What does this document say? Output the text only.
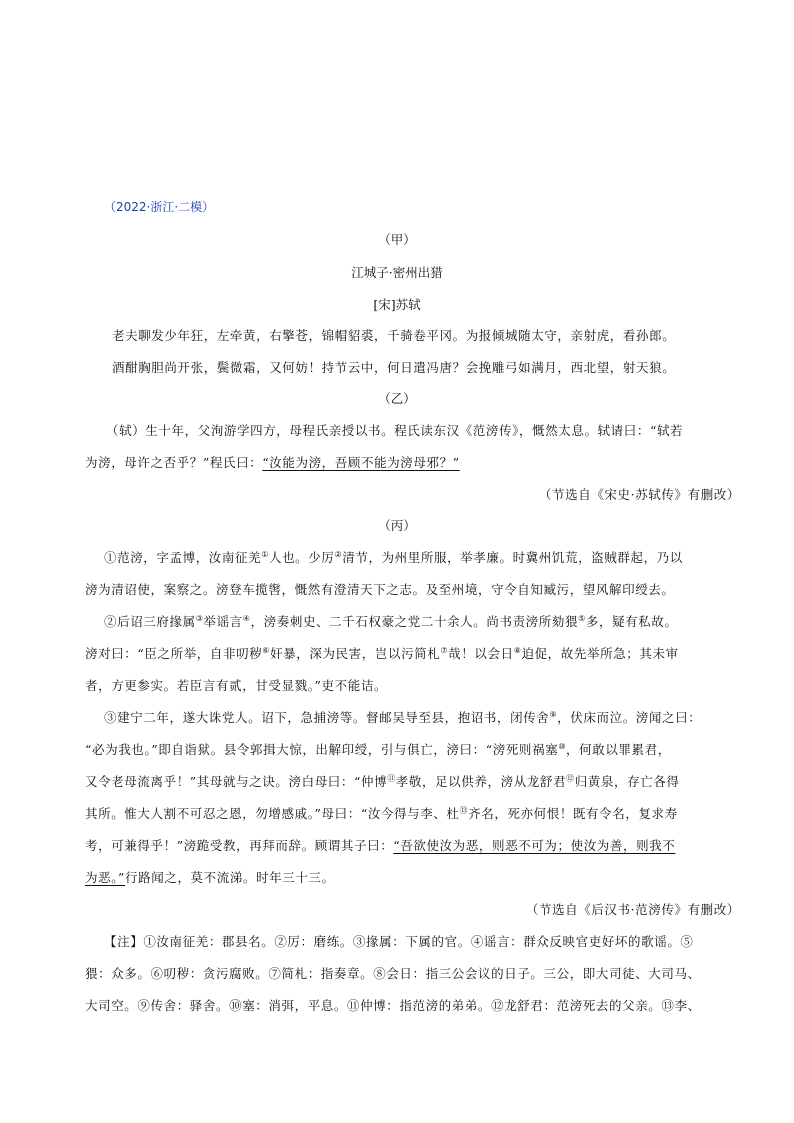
（2022·浙江·二模）
（甲）
江城子·密州出猎
[宋]苏轼
老夫聊发少年狂，左牵黄，右擎苍，锦帽貂裘，千骑卷平冈。为报倾城随太守，亲射虎，看孙郎。
酒酣胸胆尚开张，鬓微霜，又何妨！持节云中，何日遣冯唐？会挽雕弓如满月，西北望，射天狼。
（乙）
（轼）生十年，父洵游学四方，母程氏亲授以书。程氏读东汉《范滂传》，慨然太息。轼请曰：“轼若
为滂，母许之否乎？”程氏曰：“汝能为滂，吾顾不能为滂母邪？”
（节选自《宋史·苏轼传》有删改）
（丙）
①范滂，字孟博，汝南征羌①人也。少厉②清节，为州里所服，举孝廉。时冀州饥荒，盗贼群起，乃以
滂为清诏使，案察之。滂登车揽辔，慨然有澄清天下之志。及至州境，守令自知臧污，望风解印绶去。
②后诏三府掾属③举谣言④，滂奏刺史、二千石权豪之党二十余人。尚书责滂所劾猥⑤多，疑有私故。
滂对曰：“臣之所举，自非叨秽⑥奸暴，深为民害，岂以污简札⑦哉！以会日⑧迫促，故先举所急；其未审
者，方更参实。若臣言有贰，甘受显戮。”吏不能诘。
③建宁二年，遂大诛党人。诏下，急捕滂等。督邮吴导至县，抱诏书，闭传舍⑨，伏床而泣。滂闻之曰：
“必为我也。”即自诣狱。县令郭揖大惊，出解印绶，引与俱亡，滂曰：“滂死则祸塞⑩，何敢以罪累君，
又令老母流离乎！”其母就与之诀。滂白母曰：“仲博⑪孝敬，足以供养，滂从龙舒君⑫归黄泉，存亡各得
其所。惟大人割不可忍之恩，勿增感戚。”母曰：“汝今得与李、杜⑬齐名，死亦何恨！既有令名，复求寿
考，可兼得乎！”滂跪受教，再拜而辞。顾谓其子曰：“吾欲使汝为恶，则恶不可为；使汝为善，则我不
为恶。”行路闻之，莫不流涕。时年三十三。
（节选自《后汉书·范滂传》有删改）
【注】①汝南征羌：郡县名。②厉：磨练。③掾属：下属的官。④谣言：群众反映官吏好坏的歌谣。⑤
猥：众多。⑥叨秽：贪污腐败。⑦简札：指奏章。⑧会日：指三公会议的日子。三公，即大司徒、大司马、
大司空。⑨传舍：驿舍。⑩塞：消弭，平息。⑪仲博：指范滂的弟弟。⑫龙舒君：范滂死去的父亲。⑬李、
